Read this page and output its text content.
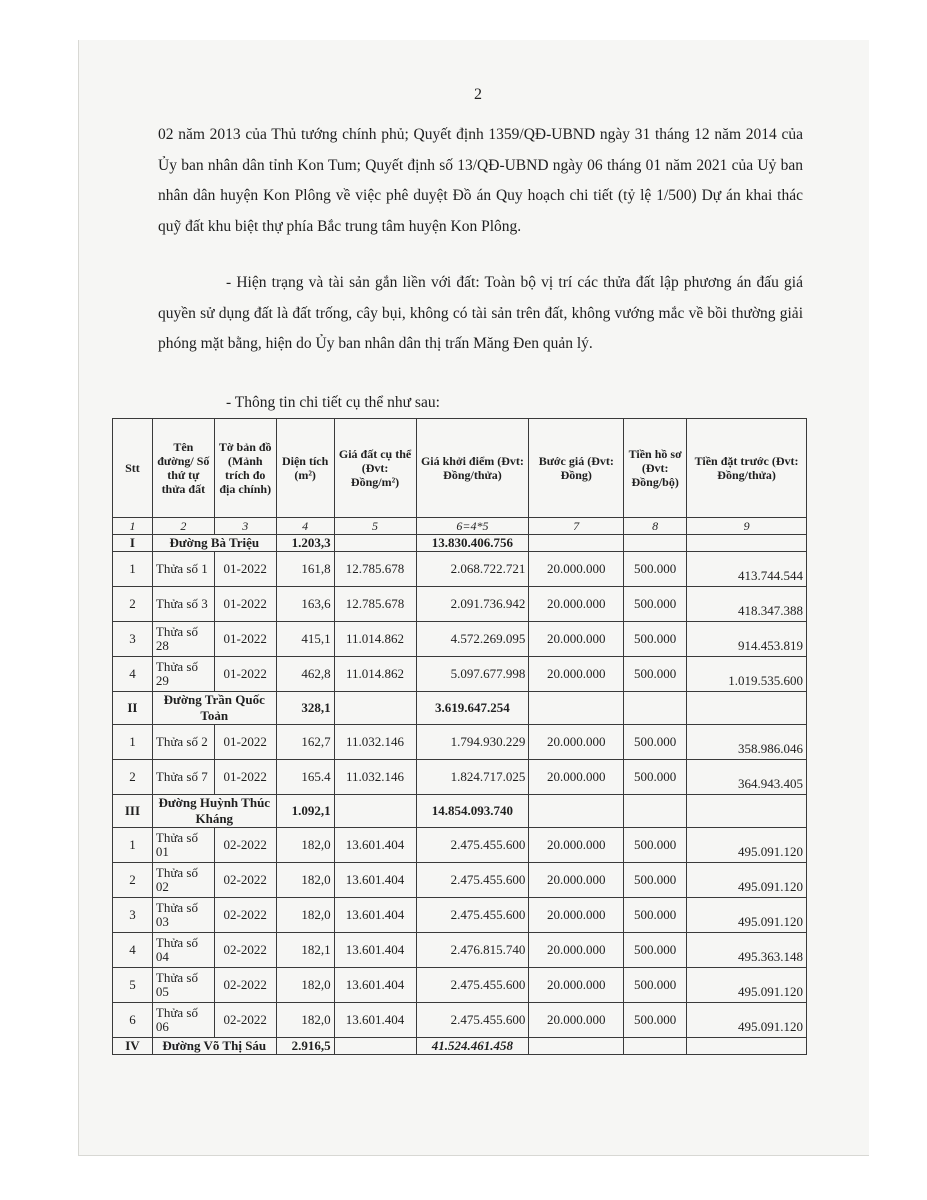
2

02 năm 2013 của Thủ tướng chính phủ; Quyết định 1359/QĐ-UBND ngày 31 tháng 12 năm 2014 của Ủy ban nhân dân tỉnh Kon Tum; Quyết định số 13/QĐ-UBND ngày 06 tháng 01 năm 2021 của Uỷ ban nhân dân huyện Kon Plông về việc phê duyệt Đồ án Quy hoạch chi tiết (tỷ lệ 1/500) Dự án khai thác quỹ đất khu biệt thự phía Bắc trung tâm huyện Kon Plông.

- Hiện trạng và tài sản gắn liền với đất: Toàn bộ vị trí các thửa đất lập phương án đấu giá quyền sử dụng đất là đất trống, cây bụi, không có tài sản trên đất, không vướng mắc về bồi thường giải phóng mặt bằng, hiện do Ủy ban nhân dân thị trấn Măng Đen quản lý.

- Thông tin chi tiết cụ thể như sau:

Stt	Tên đường/ Số thứ tự thửa đất	Tờ bản đồ (Mảnh trích đo địa chính)	Diện tích (m²)	Giá đất cụ thể (Đvt: Đồng/m²)	Giá khởi điểm (Đvt: Đồng/thửa)	Bước giá (Đvt: Đồng)	Tiền hồ sơ (Đvt: Đồng/bộ)	Tiền đặt trước (Đvt: Đồng/thửa)
1	2	3	4	5	6=4*5	7	8	9
I	Đường Bà Triệu		1.203,3		13.830.406.756			
1	Thửa số 1	01-2022	161,8	12.785.678	2.068.722.721	20.000.000	500.000	413.744.544
2	Thửa số 3	01-2022	163,6	12.785.678	2.091.736.942	20.000.000	500.000	418.347.388
3	Thửa số 28	01-2022	415,1	11.014.862	4.572.269.095	20.000.000	500.000	914.453.819
4	Thửa số 29	01-2022	462,8	11.014.862	5.097.677.998	20.000.000	500.000	1.019.535.600
II	Đường Trần Quốc Toản		328,1		3.619.647.254			
1	Thửa số 2	01-2022	162,7	11.032.146	1.794.930.229	20.000.000	500.000	358.986.046
2	Thửa số 7	01-2022	165.4	11.032.146	1.824.717.025	20.000.000	500.000	364.943.405
III	Đường Huỳnh Thúc Kháng		1.092,1		14.854.093.740			
1	Thửa số 01	02-2022	182,0	13.601.404	2.475.455.600	20.000.000	500.000	495.091.120
2	Thửa số 02	02-2022	182,0	13.601.404	2.475.455.600	20.000.000	500.000	495.091.120
3	Thửa số 03	02-2022	182,0	13.601.404	2.475.455.600	20.000.000	500.000	495.091.120
4	Thửa số 04	02-2022	182,1	13.601.404	2.476.815.740	20.000.000	500.000	495.363.148
5	Thửa số 05	02-2022	182,0	13.601.404	2.475.455.600	20.000.000	500.000	495.091.120
6	Thửa số 06	02-2022	182,0	13.601.404	2.475.455.600	20.000.000	500.000	495.091.120
IV	Đường Võ Thị Sáu		2.916,5		41.524.461.458			
